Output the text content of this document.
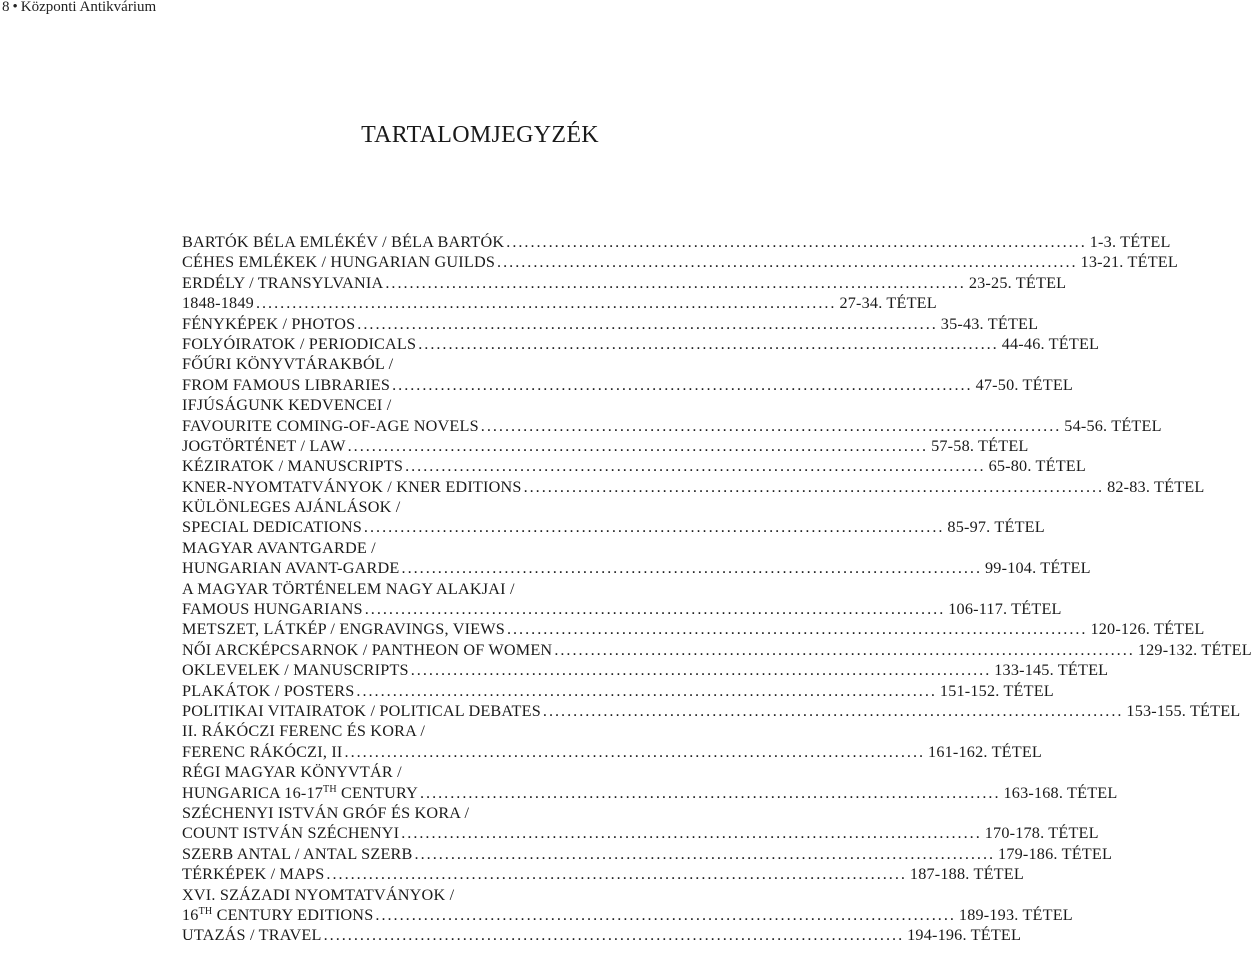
8 • Központi Antikvárium
TARTALOMJEGYZÉK
BARTÓK BÉLA EMLÉKÉV / BÉLA BARTÓK ................................................................................................ 1-3. TÉTEL
CÉHES EMLÉKEK / HUNGARIAN GUILDS ................................................................................................ 13-21. TÉTEL
ERDÉLY / TRANSYLVANIA ................................................................................................ 23-25. TÉTEL
1848-1849 ................................................................................................ 27-34. TÉTEL
FÉNYKÉPEK / PHOTOS ................................................................................................ 35-43. TÉTEL
FOLYÓIRATOK / PERIODICALS ................................................................................................ 44-46. TÉTEL
FŐÚRI KÖNYVTÁRAKBÓL /
FROM FAMOUS LIBRARIES ................................................................................................ 47-50. TÉTEL
IFJÚSÁGUNK KEDVENCEI /
FAVOURITE COMING-OF-AGE NOVELS ................................................................................................ 54-56. TÉTEL
JOGTÖRTÉNET / LAW ................................................................................................ 57-58. TÉTEL
KÉZIRATOK / MANUSCRIPTS ................................................................................................ 65-80. TÉTEL
KNER-NYOMTATVÁNYOK / KNER EDITIONS ................................................................................................ 82-83. TÉTEL
KÜLÖNLEGES AJÁNLÁSOK /
SPECIAL DEDICATIONS ................................................................................................ 85-97. TÉTEL
MAGYAR AVANTGARDE /
HUNGARIAN AVANT-GARDE ................................................................................................ 99-104. TÉTEL
A MAGYAR TÖRTÉNELEM NAGY ALAKJAI /
FAMOUS HUNGARIANS ................................................................................................ 106-117. TÉTEL
METSZET, LÁTKÉP / ENGRAVINGS, VIEWS ................................................................................................ 120-126. TÉTEL
NŐI ARCKÉPCSARNOK / PANTHEON OF WOMEN ................................................................................................ 129-132. TÉTEL
OKLEVELEK / MANUSCRIPTS ................................................................................................ 133-145. TÉTEL
PLAKÁTOK / POSTERS ................................................................................................ 151-152. TÉTEL
POLITIKAI VITAIRATOK / POLITICAL DEBATES ................................................................................................ 153-155. TÉTEL
II. RÁKÓCZI FERENC ÉS KORA /
FERENC RÁKÓCZI, II ................................................................................................ 161-162. TÉTEL
RÉGI MAGYAR KÖNYVTÁR /
HUNGARICA 16-17TH CENTURY ................................................................................................ 163-168. TÉTEL
SZÉCHENYI ISTVÁN GRÓF ÉS KORA /
COUNT ISTVÁN SZÉCHENYI ................................................................................................ 170-178. TÉTEL
SZERB ANTAL / ANTAL SZERB ................................................................................................ 179-186. TÉTEL
TÉRKÉPEK / MAPS ................................................................................................ 187-188. TÉTEL
XVI. SZÁZADI NYOMTATVÁNYOK /
16TH CENTURY EDITIONS ................................................................................................ 189-193. TÉTEL
UTAZÁS / TRAVEL ................................................................................................ 194-196. TÉTEL
